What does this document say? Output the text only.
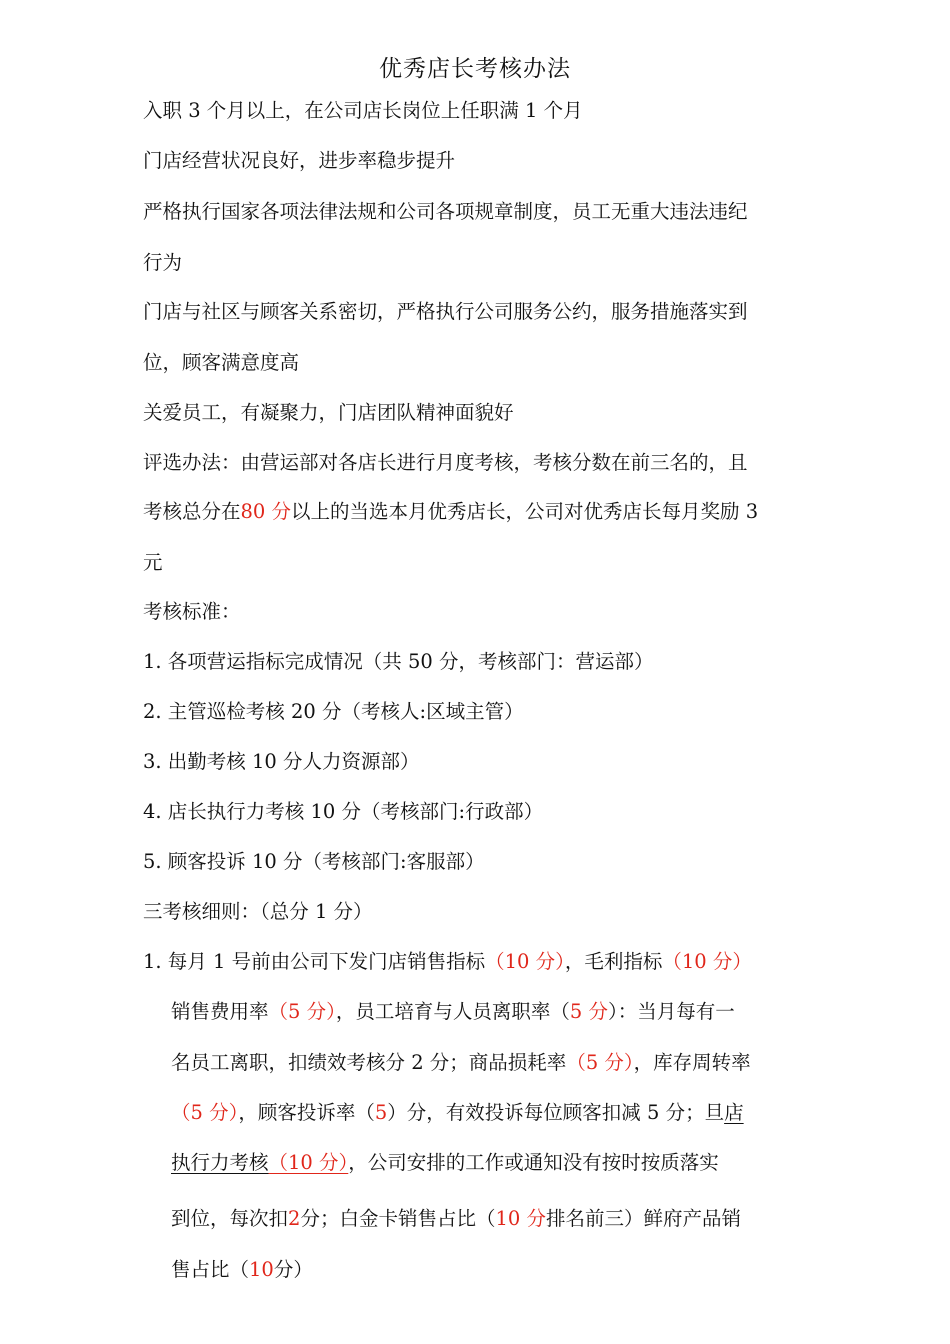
优秀店长考核办法
入职 3 个月以上，在公司店长岗位上任职满 1 个月
门店经营状况良好，进步率稳步提升
严格执行国家各项法律法规和公司各项规章制度，员工无重大违法违纪
行为
门店与社区与顾客关系密切，严格执行公司服务公约，服务措施落实到
位，顾客满意度高
关爱员工，有凝聚力，门店团队精神面貌好
评选办法：由营运部对各店长进行月度考核，考核分数在前三名的，且
考核总分在80 分以上的当选本月优秀店长，公司对优秀店长每月奖励 3
元
考核标准：
1. 各项营运指标完成情况（共 50 分，考核部门：营运部）
2. 主管巡检考核 20 分（考核人:区域主管）
3. 出勤考核 10 分人力资源部）
4. 店长执行力考核 10 分（考核部门:行政部）
5. 顾客投诉 10 分（考核部门:客服部）
三考核细则：（总分 1 分）
1. 每月 1 号前由公司下发门店销售指标（10 分），毛利指标（10 分）
销售费用率（5 分），员工培育与人员离职率（5 分）：当月每有一
名员工离职，扣绩效考核分 2 分；商品损耗率（5 分），库存周转率
（5 分），顾客投诉率（5）分，有效投诉每位顾客扣减 5 分；旦店
执行力考核（10 分），公司安排的工作或通知没有按时按质落实
到位，每次扣2分；白金卡销售占比（10 分排名前三）鲜府产品销
售占比（10分）
